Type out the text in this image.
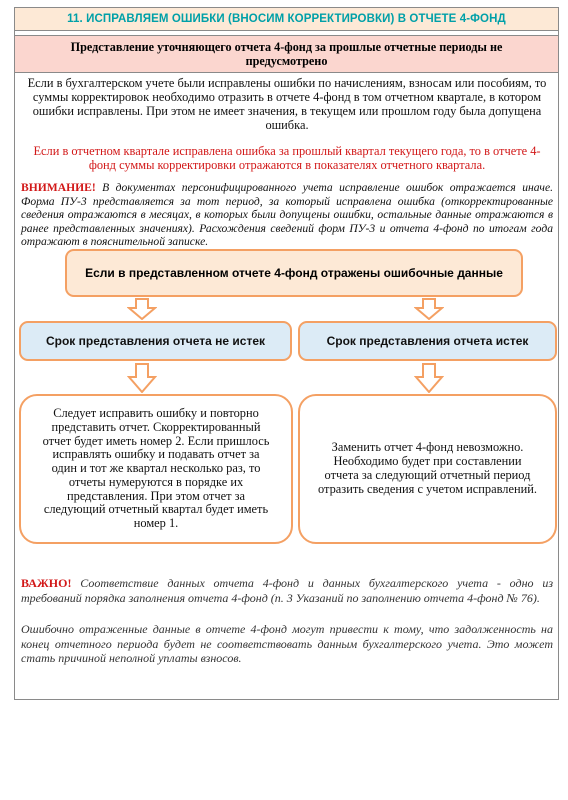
11. ИСПРАВЛЯЕМ ОШИБКИ (ВНОСИМ КОРРЕКТИРОВКИ) В ОТЧЕТЕ 4-ФОНД
Представление уточняющего отчета 4-фонд за прошлые отчетные периоды не предусмотрено

Если в бухгалтерском учете были исправлены ошибки по начислениям, взносам или пособиям, то суммы корректировок необходимо отразить в отчете 4-фонд в том отчетном квартале, в котором ошибки исправлены. При этом не имеет значения, в текущем или прошлом году была допущена ошибка.

Если в отчетном квартале исправлена ошибка за прошлый квартал текущего года, то в отчете 4-фонд суммы корректировки отражаются в показателях отчетного квартала.

ВНИМАНИЕ! В документах персонифицированного учета исправление ошибок отражается иначе. Форма ПУ-3 представляется за тот период, за который исправлена ошибка (откорректированные сведения отражаются в месяцах, в которых были допущены ошибки, остальные данные отражаются в ранее представленных значениях). Расхождения сведений форм ПУ-3 и отчета 4-фонд по итогам года отражают в пояснительной записке.

ВАЖНО! Соответствие данных отчета 4-фонд и данных бухгалтерского учета - одно из требований порядка заполнения отчета 4-фонд (п. 3 Указаний по заполнению отчета 4-фонд № 76).

Ошибочно отраженные данные в отчете 4-фонд могут привести к тому, что задолженность на конец отчетного периода будет не соответствовать данным бухгалтерского учета. Это может стать причиной неполной уплаты взносов.

Если в представленном отчете 4-фонд отражены ошибочные данные
Срок представления отчета не истек	Срок представления отчета истек
Следует исправить ошибку и повторно представить отчет. Скорректированный отчет будет иметь номер 2. Если пришлось исправлять ошибку и подавать отчет за один и тот же квартал несколько раз, то отчеты нумеруются в порядке их представления. При этом отчет за следующий отчетный квартал будет иметь номер 1.
Заменить отчет 4-фонд невозможно. Необходимо будет при составлении отчета за следующий отчетный период отразить сведения с учетом исправлений.
